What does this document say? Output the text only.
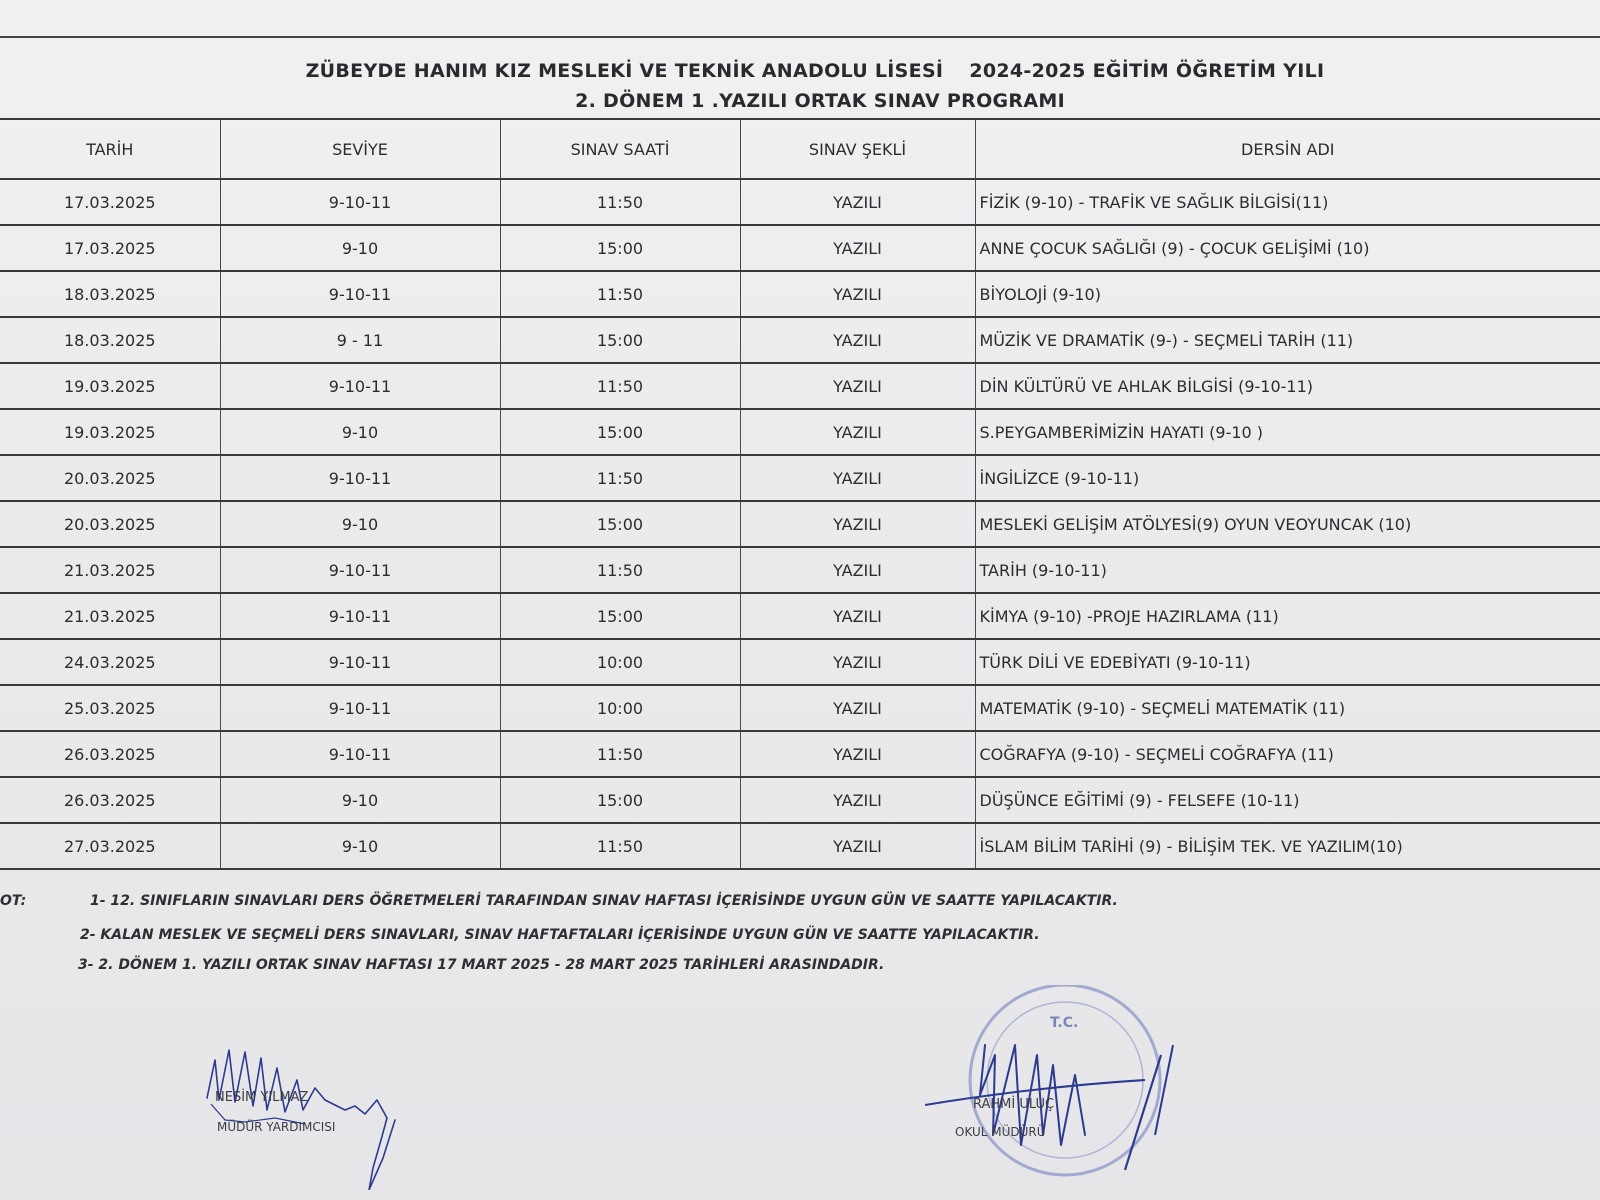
ZÜBEYDE HANIM KIZ MESLEKİ VE TEKNİK ANADOLU LİSESİ 2024-2025 EĞİTİM ÖĞRETİM YILI
2. DÖNEM 1 .YAZILI ORTAK SINAV PROGRAMI
TARİH	SEVİYE	SINAV SAATİ	SINAV ŞEKLİ	DERSİN ADI
17.03.2025	9-10-11	11:50	YAZILI	FİZİK (9-10) - TRAFİK VE SAĞLIK BİLGİSİ(11)
17.03.2025	9-10	15:00	YAZILI	ANNE ÇOCUK SAĞLIĞI (9) - ÇOCUK GELİŞİMİ (10)
18.03.2025	9-10-11	11:50	YAZILI	BİYOLOJİ (9-10)
18.03.2025	9 - 11	15:00	YAZILI	MÜZİK VE DRAMATİK (9-) - SEÇMELİ TARİH (11)
19.03.2025	9-10-11	11:50	YAZILI	DİN KÜLTÜRÜ VE AHLAK BİLGİSİ (9-10-11)
19.03.2025	9-10	15:00	YAZILI	S.PEYGAMBERİMİZİN HAYATI (9-10 )
20.03.2025	9-10-11	11:50	YAZILI	İNGİLİZCE (9-10-11)
20.03.2025	9-10	15:00	YAZILI	MESLEKİ GELİŞİM ATÖLYESİ(9) OYUN VEOYUNCAK (10)
21.03.2025	9-10-11	11:50	YAZILI	TARİH (9-10-11)
21.03.2025	9-10-11	15:00	YAZILI	KİMYA (9-10) -PROJE HAZIRLAMA (11)
24.03.2025	9-10-11	10:00	YAZILI	TÜRK DİLİ VE EDEBİYATI (9-10-11)
25.03.2025	9-10-11	10:00	YAZILI	MATEMATİK (9-10) - SEÇMELİ MATEMATİK (11)
26.03.2025	9-10-11	11:50	YAZILI	COĞRAFYA (9-10) - SEÇMELİ COĞRAFYA (11)
26.03.2025	9-10	15:00	YAZILI	DÜŞÜNCE EĞİTİMİ (9) - FELSEFE (10-11)
27.03.2025	9-10	11:50	YAZILI	İSLAM BİLİM TARİHİ (9) - BİLİŞİM TEK. VE YAZILIM(10)
OT:	1- 12. SINIFLARIN SINAVLARI DERS ÖĞRETMELERİ TARAFINDAN SINAV HAFTASI İÇERİSİNDE UYGUN GÜN VE SAATTE YAPILACAKTIR.
2- KALAN MESLEK VE SEÇMELİ DERS SINAVLARI, SINAV HAFTAFTALARI İÇERİSİNDE UYGUN GÜN VE SAATTE YAPILACAKTIR.
3- 2. DÖNEM 1. YAZILI ORTAK SINAV HAFTASI 17 MART 2025 - 28 MART 2025 TARİHLERİ ARASINDADIR.
NESİM YILMAZ
MÜDÜR YARDIMCISI
T.C.
RAHMİ ULUÇ
OKUL MÜDÜRÜ
